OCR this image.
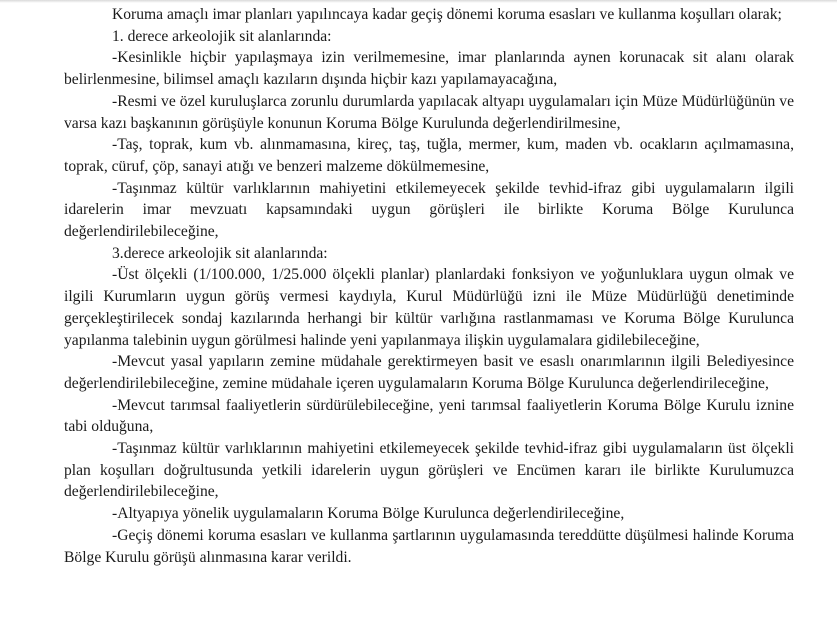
Koruma amaçlı imar planları yapılıncaya kadar geçiş dönemi koruma esasları ve kullanma koşulları olarak;

1. derece arkeolojik sit alanlarında:

-Kesinlikle hiçbir yapılaşmaya izin verilmemesine, imar planlarında aynen korunacak sit alanı olarak belirlenmesine, bilimsel amaçlı kazıların dışında hiçbir kazı yapılamayacağına,

-Resmi ve özel kuruluşlarca zorunlu durumlarda yapılacak altyapı uygulamaları için Müze Müdürlüğünün ve varsa kazı başkanının görüşüyle konunun Koruma Bölge Kurulunda değerlendirilmesine,

-Taş, toprak, kum vb. alınmamasına, kireç, taş, tuğla, mermer, kum, maden vb. ocakların açılmamasına, toprak, cüruf, çöp, sanayi atığı ve benzeri malzeme dökülmemesine,

-Taşınmaz kültür varlıklarının mahiyetini etkilemeyecek şekilde tevhid-ifraz gibi uygulamaların ilgili idarelerin imar mevzuatı kapsamındaki uygun görüşleri ile birlikte Koruma Bölge Kurulunca değerlendirilebileceğine,

3.derece arkeolojik sit alanlarında:

-Üst ölçekli (1/100.000, 1/25.000 ölçekli planlar) planlardaki fonksiyon ve yoğunluklara uygun olmak ve ilgili Kurumların uygun görüş vermesi kaydıyla, Kurul Müdürlüğü izni ile Müze Müdürlüğü denetiminde gerçekleştirilecek sondaj kazılarında herhangi bir kültür varlığına rastlanmaması ve Koruma Bölge Kurulunca yapılanma talebinin uygun görülmesi halinde yeni yapılanmaya ilişkin uygulamalara gidilebileceğine,

-Mevcut yasal yapıların zemine müdahale gerektirmeyen basit ve esaslı onarımlarının ilgili Belediyesince değerlendirilebileceğine, zemine müdahale içeren uygulamaların Koruma Bölge Kurulunca değerlendirileceğine,

-Mevcut tarımsal faaliyetlerin sürdürülebileceğine, yeni tarımsal faaliyetlerin Koruma Bölge Kurulu iznine tabi olduğuna,

-Taşınmaz kültür varlıklarının mahiyetini etkilemeyecek şekilde tevhid-ifraz gibi uygulamaların üst ölçekli plan koşulları doğrultusunda yetkili idarelerin uygun görüşleri ve Encümen kararı ile birlikte Kurulumuzca değerlendirilebileceğine,

-Altyapıya yönelik uygulamaların Koruma Bölge Kurulunca değerlendirileceğine,

-Geçiş dönemi koruma esasları ve kullanma şartlarının uygulamasında tereddütte düşülmesi halinde Koruma Bölge Kurulu görüşü alınmasına karar verildi.
